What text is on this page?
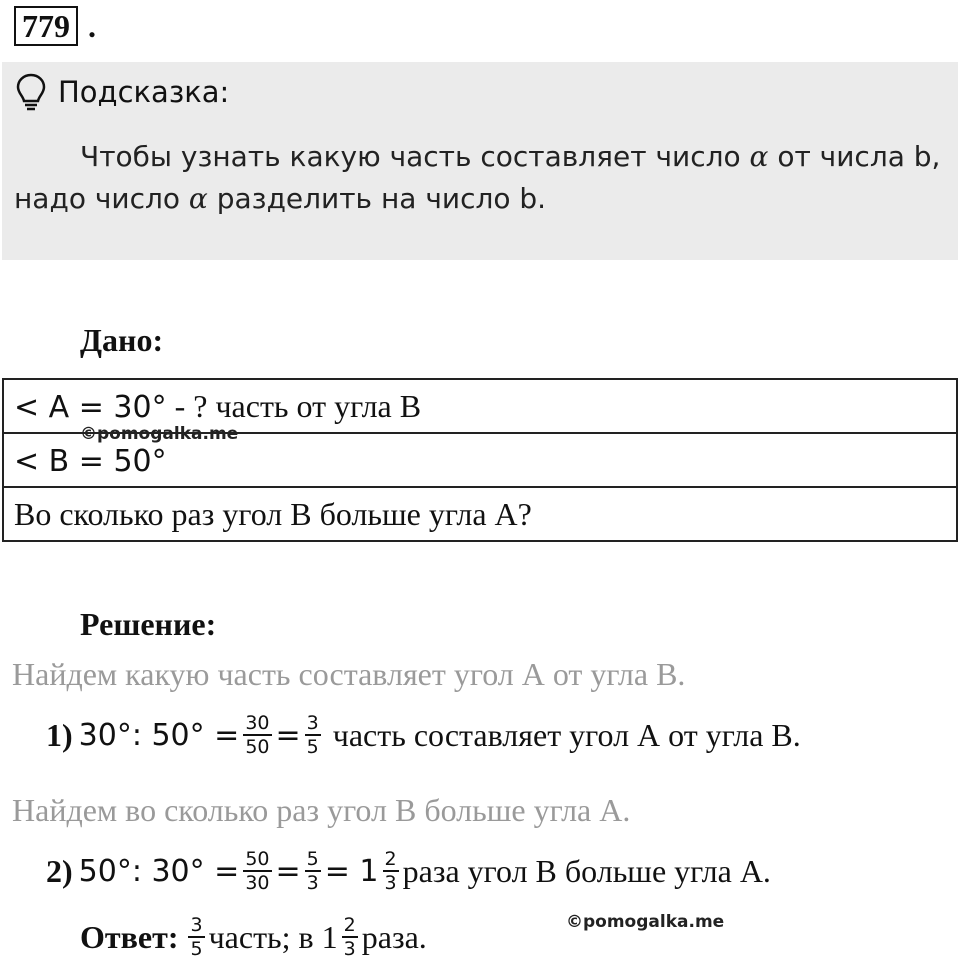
779 .
Подсказка:
Чтобы узнать какую часть составляет число α от числа b,
надо число α разделить на число b.
Дано:
< A = 30° - ? часть от угла B
< B = 50°
Во сколько раз угол В больше угла А?
©pomogalka.me
Решение:
Найдем какую часть составляет угол А от угла В.
1) 30°: $50^\circ = \frac{30}{50} = \frac{3}{5}$ часть составляет угол А от угла В.
Найдем во сколько раз угол В больше угла А.
2) 50°: $30^\circ = \frac{50}{30} = \frac{5}{3} = 1 \frac{2}{3}$ раза угол В больше угла А.
Ответ: $\frac{3}{5}$ часть; в $1 \frac{2}{3}$ раза.	©pomogalka.me
